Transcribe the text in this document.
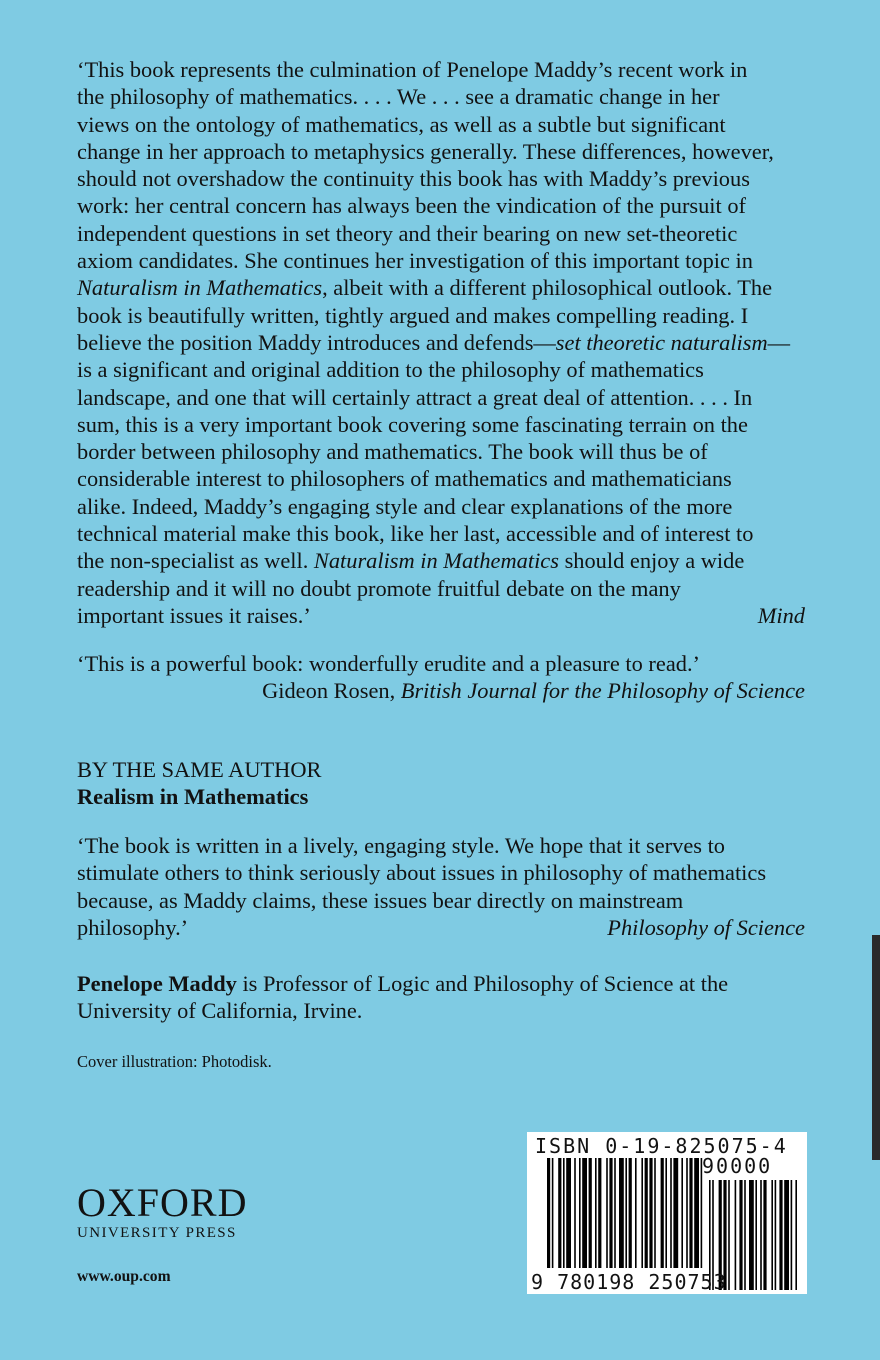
‘This book represents the culmination of Penelope Maddy’s recent work in
the philosophy of mathematics. . . . We . . . see a dramatic change in her
views on the ontology of mathematics, as well as a subtle but significant
change in her approach to metaphysics generally. These differences, however,
should not overshadow the continuity this book has with Maddy’s previous
work: her central concern has always been the vindication of the pursuit of
independent questions in set theory and their bearing on new set-theoretic
axiom candidates. She continues her investigation of this important topic in
Naturalism in Mathematics, albeit with a different philosophical outlook. The
book is beautifully written, tightly argued and makes compelling reading. I
believe the position Maddy introduces and defends—set theoretic naturalism—
is a significant and original addition to the philosophy of mathematics
landscape, and one that will certainly attract a great deal of attention. . . . In
sum, this is a very important book covering some fascinating terrain on the
border between philosophy and mathematics. The book will thus be of
considerable interest to philosophers of mathematics and mathematicians
alike. Indeed, Maddy’s engaging style and clear explanations of the more
technical material make this book, like her last, accessible and of interest to
the non-specialist as well. Naturalism in Mathematics should enjoy a wide
readership and it will no doubt promote fruitful debate on the many
important issues it raises.’	Mind
‘This is a powerful book: wonderfully erudite and a pleasure to read.’
Gideon Rosen, British Journal for the Philosophy of Science
BY THE SAME AUTHOR
Realism in Mathematics
‘The book is written in a lively, engaging style. We hope that it serves to
stimulate others to think seriously about issues in philosophy of mathematics
because, as Maddy claims, these issues bear directly on mainstream
philosophy.’	Philosophy of Science
Penelope Maddy is Professor of Logic and Philosophy of Science at the University of California, Irvine.
Cover illustration: Photodisk.
OXFORD
UNIVERSITY PRESS
www.oup.com
ISBN 0-19-825075-4
90000
9 780198 250753
